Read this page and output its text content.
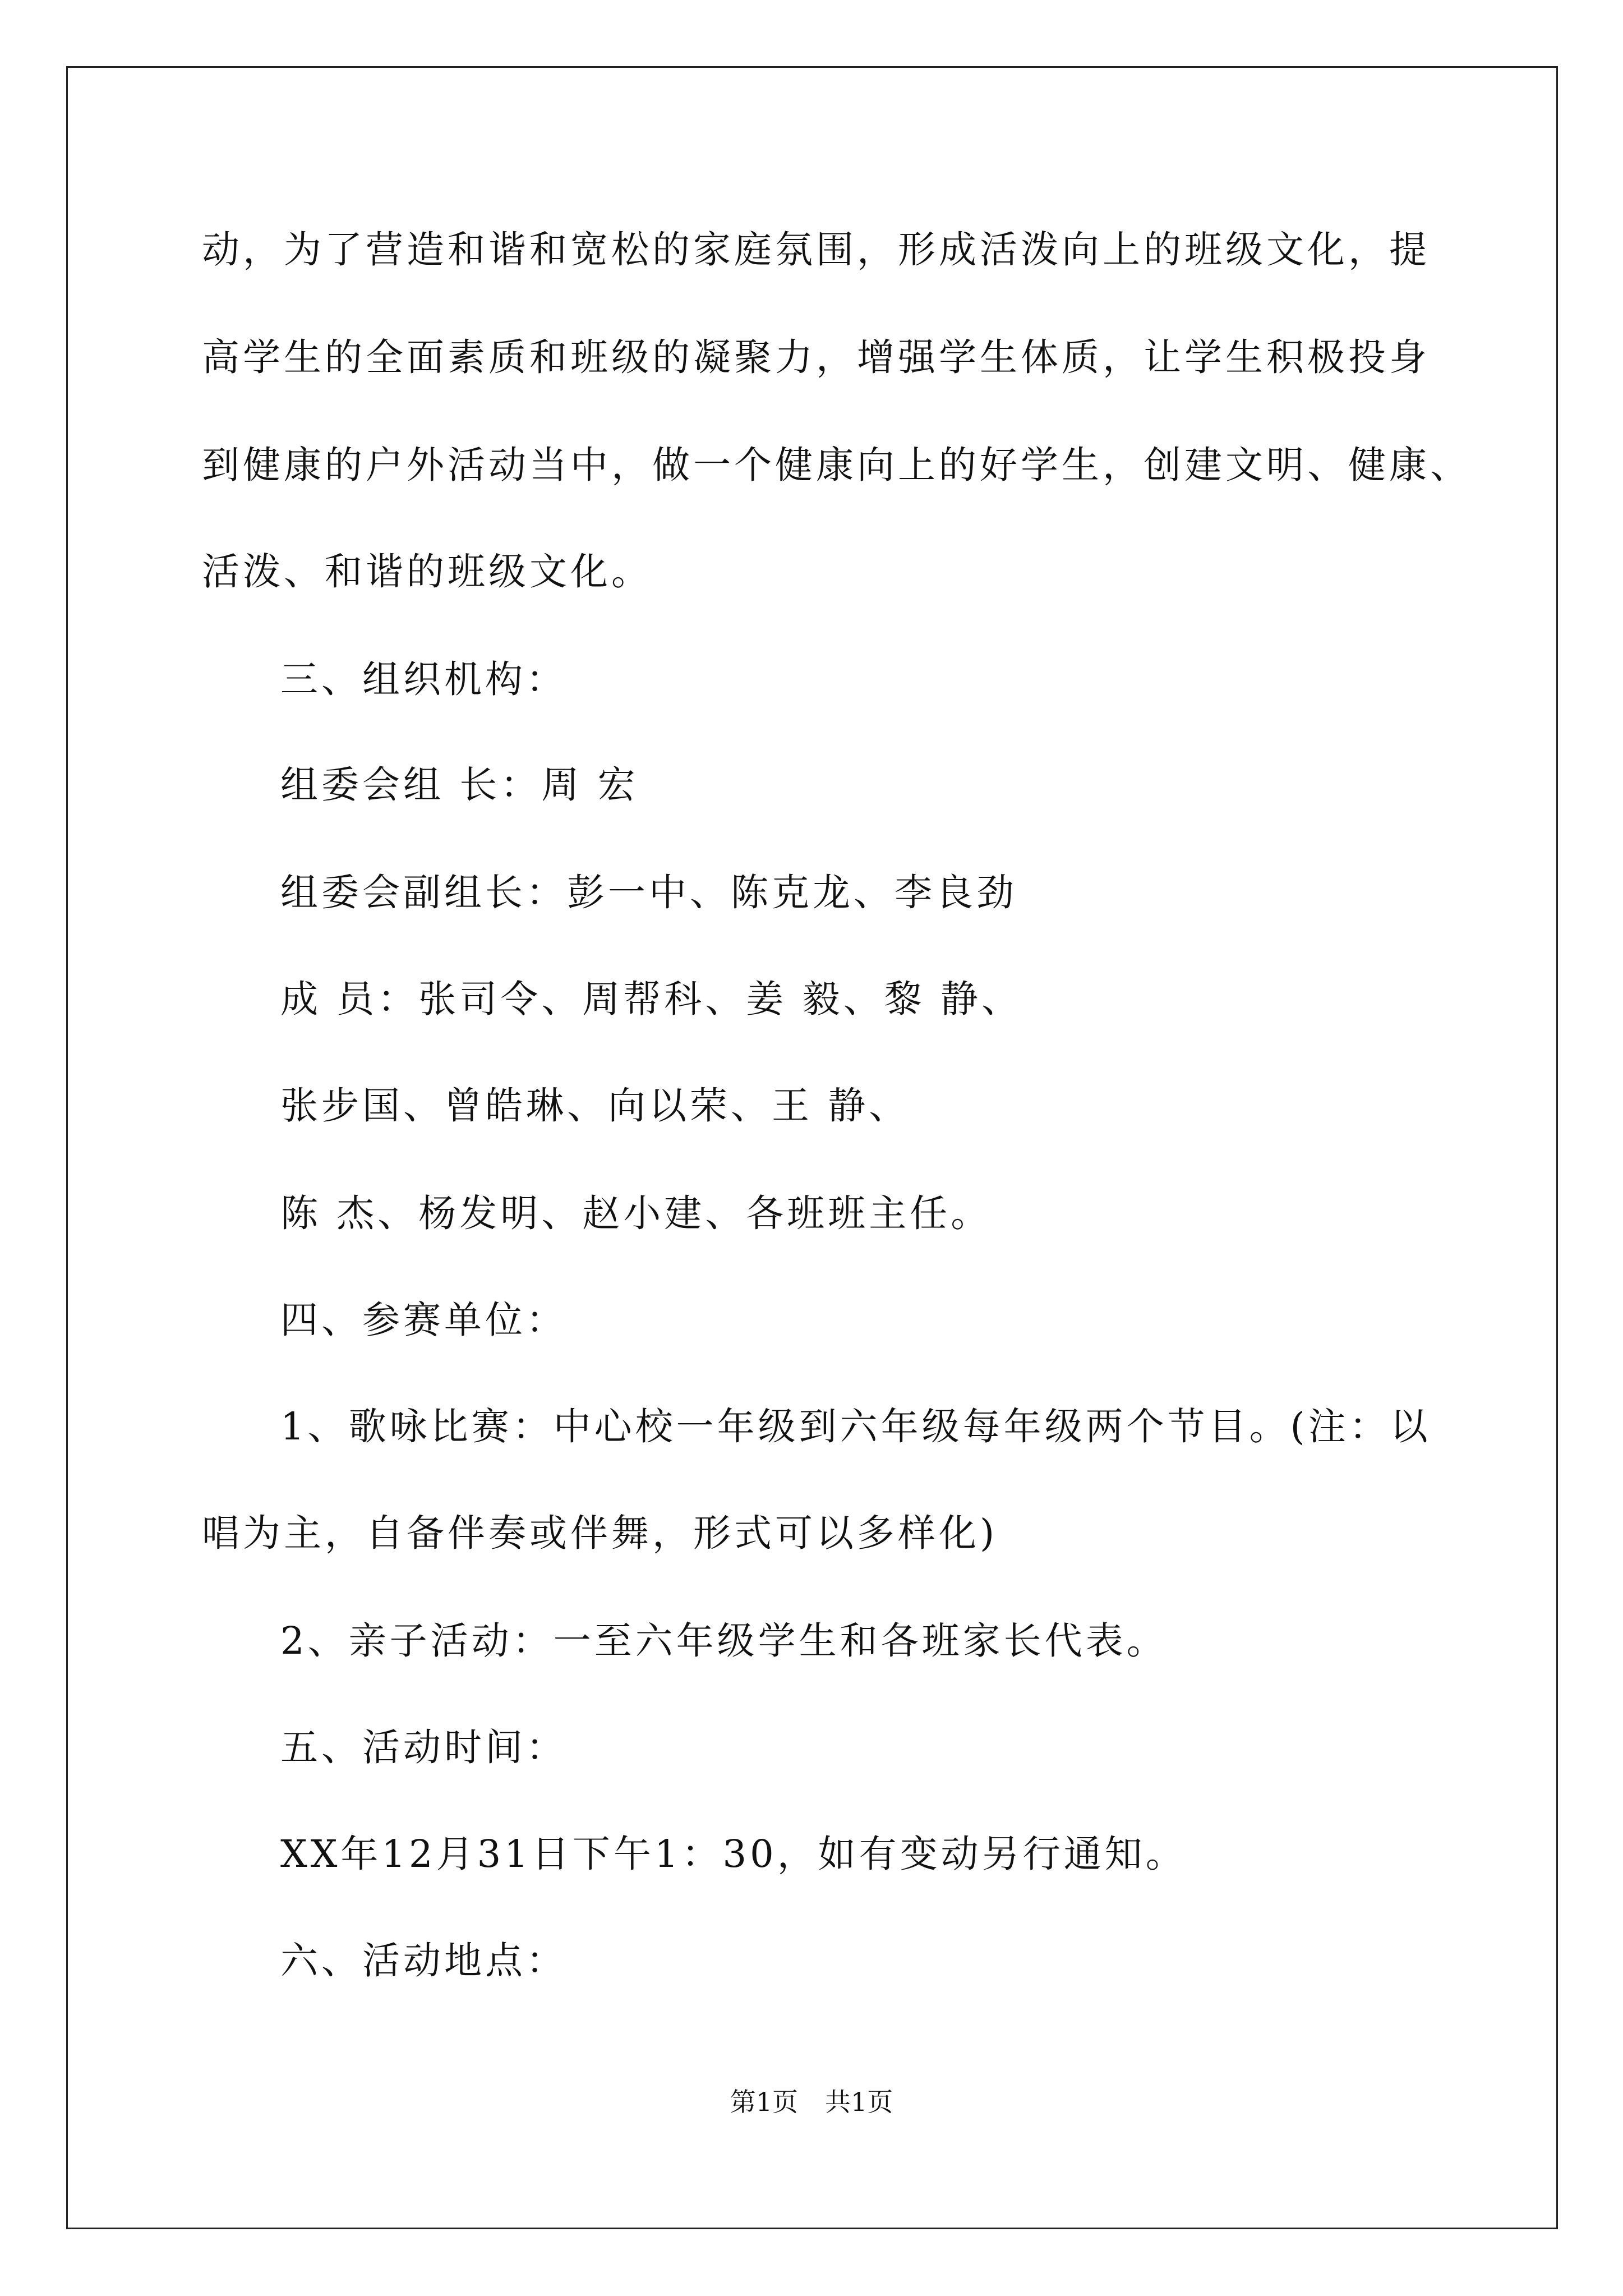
动，为了营造和谐和宽松的家庭氛围，形成活泼向上的班级文化，提
高学生的全面素质和班级的凝聚力，增强学生体质，让学生积极投身
到健康的户外活动当中，做一个健康向上的好学生，创建文明、健康、
活泼、和谐的班级文化。
三、组织机构：
组委会组 长：周 宏
组委会副组长：彭一中、陈克龙、李良劲
成 员：张司令、周帮科、姜 毅、黎 静、
张步国、曾皓琳、向以荣、王 静、
陈 杰、杨发明、赵小建、各班班主任。
四、参赛单位：
1、歌咏比赛：中心校一年级到六年级每年级两个节目。(注：以
唱为主，自备伴奏或伴舞，形式可以多样化)
2、亲子活动：一至六年级学生和各班家长代表。
五、活动时间：
XX年12月31日下午1：30，如有变动另行通知。
六、活动地点：
第1页 共1页
